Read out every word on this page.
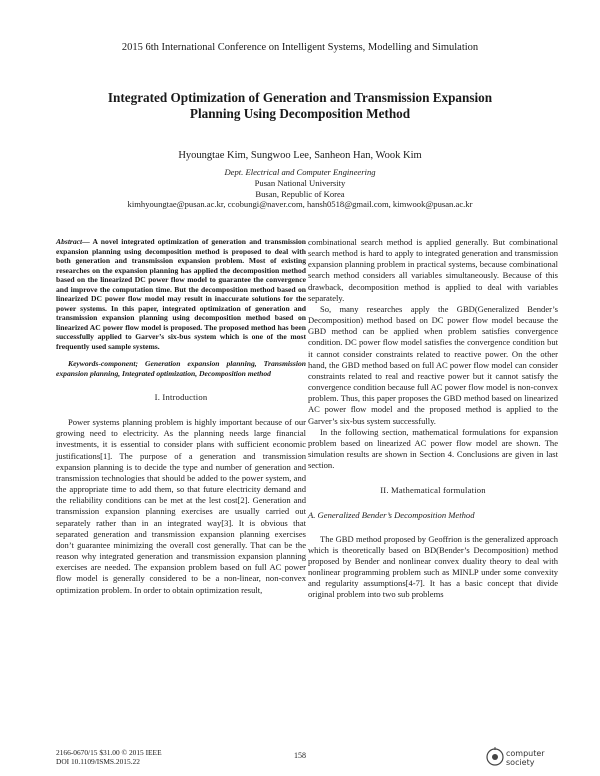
2015 6th International Conference on Intelligent Systems, Modelling and Simulation
Integrated Optimization of Generation and Transmission Expansion
Planning Using Decomposition Method
Hyoungtae Kim, Sungwoo Lee, Sanheon Han, Wook Kim
Dept. Electrical and Computer Engineering
Pusan National University
Busan, Republic of Korea
kimhyoungtae@pusan.ac.kr, ccobungi@naver.com, hansh0518@gmail.com, kimwook@pusan.ac.kr

Abstract— A novel integrated optimization of generation and transmission expansion planning using decomposition method is proposed to deal with both generation and transmission expansion problem. Most of existing researches on the expansion planning has applied the decomposition method based on the linearized DC power flow model to guarantee the convergence and improve the computation time. But the decomposition method based on linearized DC power flow model may result in inaccurate solutions for the power systems. In this paper, integrated optimization of generation and transmission expansion planning using decomposition method based on linearized AC power flow model is proposed. The proposed method has been successfully applied to Garver’s six-bus system which is one of the most frequently used sample systems.

Keywords-component; Generation expansion planning, Transmission expansion planning, Integrated optimization, Decomposition method

I. Introduction

Power systems planning problem is highly important because of our growing need to electricity. As the planning needs large financial investments, it is essential to consider plans with sufficient economic justifications[1]. The purpose of a generation and transmission expansion planning is to decide the type and number of generation and transmission technologies that should be added to the power system, and the appropriate time to add them, so that future electricity demand and the reliability conditions can be met at the lest cost[2]. Generation and transmission expansion planning exercises are usually carried out separately rather than in an integrated way[3]. It is obvious that separated generation and transmission expansion planning exercises don’t guarantee minimizing the overall cost generally. That can be the reason why integrated generation and transmission expansion planning exercises are needed. The expansion problem based on full AC power flow model is generally considered to be a non-linear, non-convex optimization problem. In order to obtain optimization result,

combinational search method is applied generally. But combinational search method is hard to apply to integrated generation and transmission expansion planning problem in practical systems, because combinational search method considers all variables simultaneously. Because of this drawback, decomposition method is applied to deal with variables separately.

So, many researches apply the GBD(Generalized Bender’s Decomposition) method based on DC power flow model because the GBD method can be applied when problem satisfies convergence condition. DC power flow model satisfies the convergence condition but it cannot consider constraints related to reactive power. On the other hand, the GBD method based on full AC power flow model can consider constraints related to real and reactive power but it cannot satisfy the convergence condition because full AC power flow model is non-convex problem. Thus, this paper proposes the GBD method based on linearized AC power flow model and the proposed method is applied to the Garver’s six-bus system successfully.

In the following section, mathematical formulations for expansion problem based on linearized AC power flow model are shown. The simulation results are shown in Section 4. Conclusions are given in last section.

II. Mathematical formulation
A. Generalized Bender’s Decomposition Method

The GBD method proposed by Geoffrion is the generalized approach which is theoretically based on BD(Bender’s Decomposition) method proposed by Bender and nonlinear convex duality theory to deal with nonlinear programming problem such as MINLP under some convexity and regularity assumptions[4-7]. It has a basic concept that divide original problem into two sub problems

2166-0670/15 $31.00 © 2015 IEEE
DOI 10.1109/ISMS.2015.22
158	computer
society
